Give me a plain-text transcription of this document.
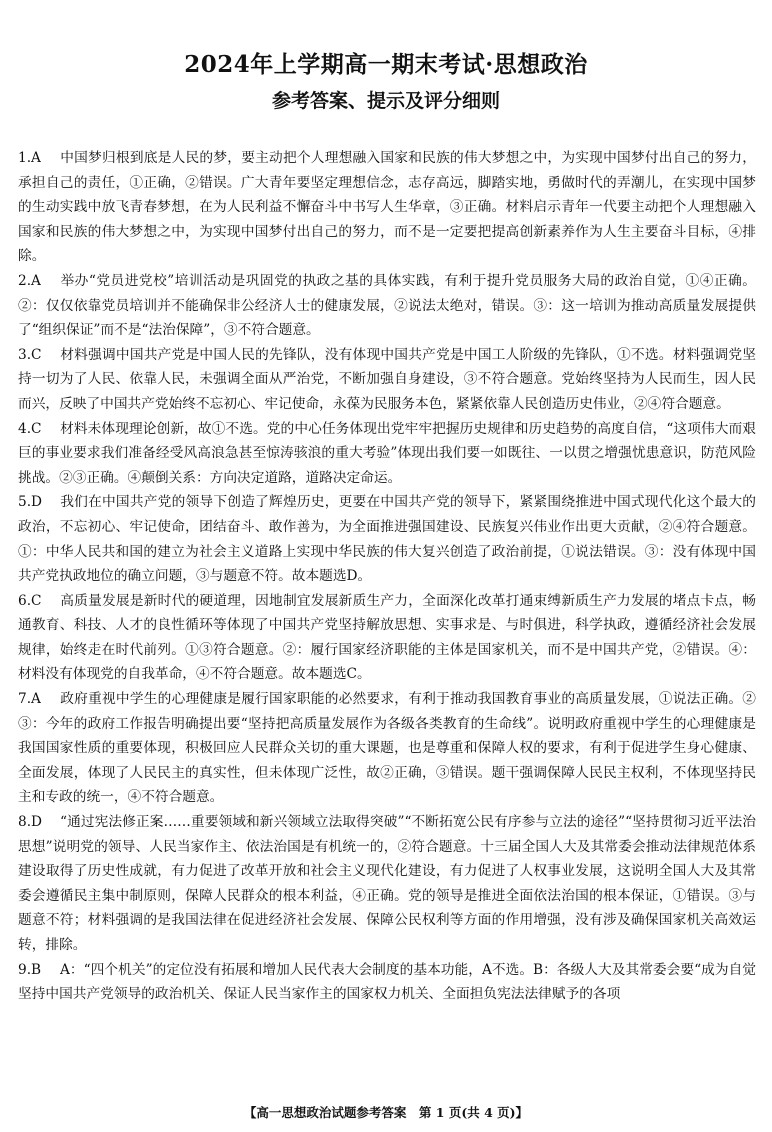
2024年上学期高一期末考试·思想政治
参考答案、提示及评分细则

1.A 中国梦归根到底是人民的梦，要主动把个人理想融入国家和民族的伟大梦想之中，为实现中国梦付出自己的努力，承担自己的责任，①正确，②错误。广大青年要坚定理想信念，志存高远，脚踏实地，勇做时代的弄潮儿，在实现中国梦的生动实践中放飞青春梦想，在为人民利益不懈奋斗中书写人生华章，③正确。材料启示青年一代要主动把个人理想融入国家和民族的伟大梦想之中，为实现中国梦付出自己的努力，而不是一定要把提高创新素养作为人生主要奋斗目标，④排除。

2.A 举办“党员进党校”培训活动是巩固党的执政之基的具体实践，有利于提升党员服务大局的政治自觉，①④正确。②：仅仅依靠党员培训并不能确保非公经济人士的健康发展，②说法太绝对，错误。③：这一培训为推动高质量发展提供了“组织保证”而不是“法治保障”，③不符合题意。

3.C 材料强调中国共产党是中国人民的先锋队，没有体现中国共产党是中国工人阶级的先锋队，①不选。材料强调党坚持一切为了人民、依靠人民，未强调全面从严治党，不断加强自身建设，③不符合题意。党始终坚持为人民而生，因人民而兴，反映了中国共产党始终不忘初心、牢记使命，永葆为民服务本色，紧紧依靠人民创造历史伟业，②④符合题意。

4.C 材料未体现理论创新，故①不选。党的中心任务体现出党牢牢把握历史规律和历史趋势的高度自信，“这项伟大而艰巨的事业要求我们准备经受风高浪急甚至惊涛骇浪的重大考验”体现出我们要一如既往、一以贯之增强忧患意识，防范风险挑战。②③正确。④颠倒关系：方向决定道路，道路决定命运。

5.D 我们在中国共产党的领导下创造了辉煌历史，更要在中国共产党的领导下，紧紧围绕推进中国式现代化这个最大的政治，不忘初心、牢记使命，团结奋斗、敢作善为，为全面推进强国建设、民族复兴伟业作出更大贡献，②④符合题意。①：中华人民共和国的建立为社会主义道路上实现中华民族的伟大复兴创造了政治前提，①说法错误。③：没有体现中国共产党执政地位的确立问题，③与题意不符。故本题选D。

6.C 高质量发展是新时代的硬道理，因地制宜发展新质生产力，全面深化改革打通束缚新质生产力发展的堵点卡点，畅通教育、科技、人才的良性循环等体现了中国共产党坚持解放思想、实事求是、与时俱进，科学执政，遵循经济社会发展规律，始终走在时代前列。①③符合题意。②：履行国家经济职能的主体是国家机关，而不是中国共产党，②错误。④：材料没有体现党的自我革命，④不符合题意。故本题选C。

7.A 政府重视中学生的心理健康是履行国家职能的必然要求，有利于推动我国教育事业的高质量发展，①说法正确。②③：今年的政府工作报告明确提出要“坚持把高质量发展作为各级各类教育的生命线”。说明政府重视中学生的心理健康是我国国家性质的重要体现，积极回应人民群众关切的重大课题，也是尊重和保障人权的要求，有利于促进学生身心健康、全面发展，体现了人民民主的真实性，但未体现广泛性，故②正确，③错误。题干强调保障人民民主权利，不体现坚持民主和专政的统一，④不符合题意。

8.D “通过宪法修正案……重要领域和新兴领域立法取得突破”“不断拓宽公民有序参与立法的途径”“坚持贯彻习近平法治思想”说明党的领导、人民当家作主、依法治国是有机统一的，②符合题意。十三届全国人大及其常委会推动法律规范体系建设取得了历史性成就，有力促进了改革开放和社会主义现代化建设，有力促进了人权事业发展，这说明全国人大及其常委会遵循民主集中制原则，保障人民群众的根本利益，④正确。党的领导是推进全面依法治国的根本保证，①错误。③与题意不符；材料强调的是我国法律在促进经济社会发展、保障公民权利等方面的作用增强，没有涉及确保国家机关高效运转，排除。

9.B A：“四个机关”的定位没有拓展和增加人民代表大会制度的基本功能，A不选。B：各级人大及其常委会要“成为自觉坚持中国共产党领导的政治机关、保证人民当家作主的国家权力机关、全面担负宪法法律赋予的各项

【高一思想政治试题参考答案　第 1 页(共 4 页)】
